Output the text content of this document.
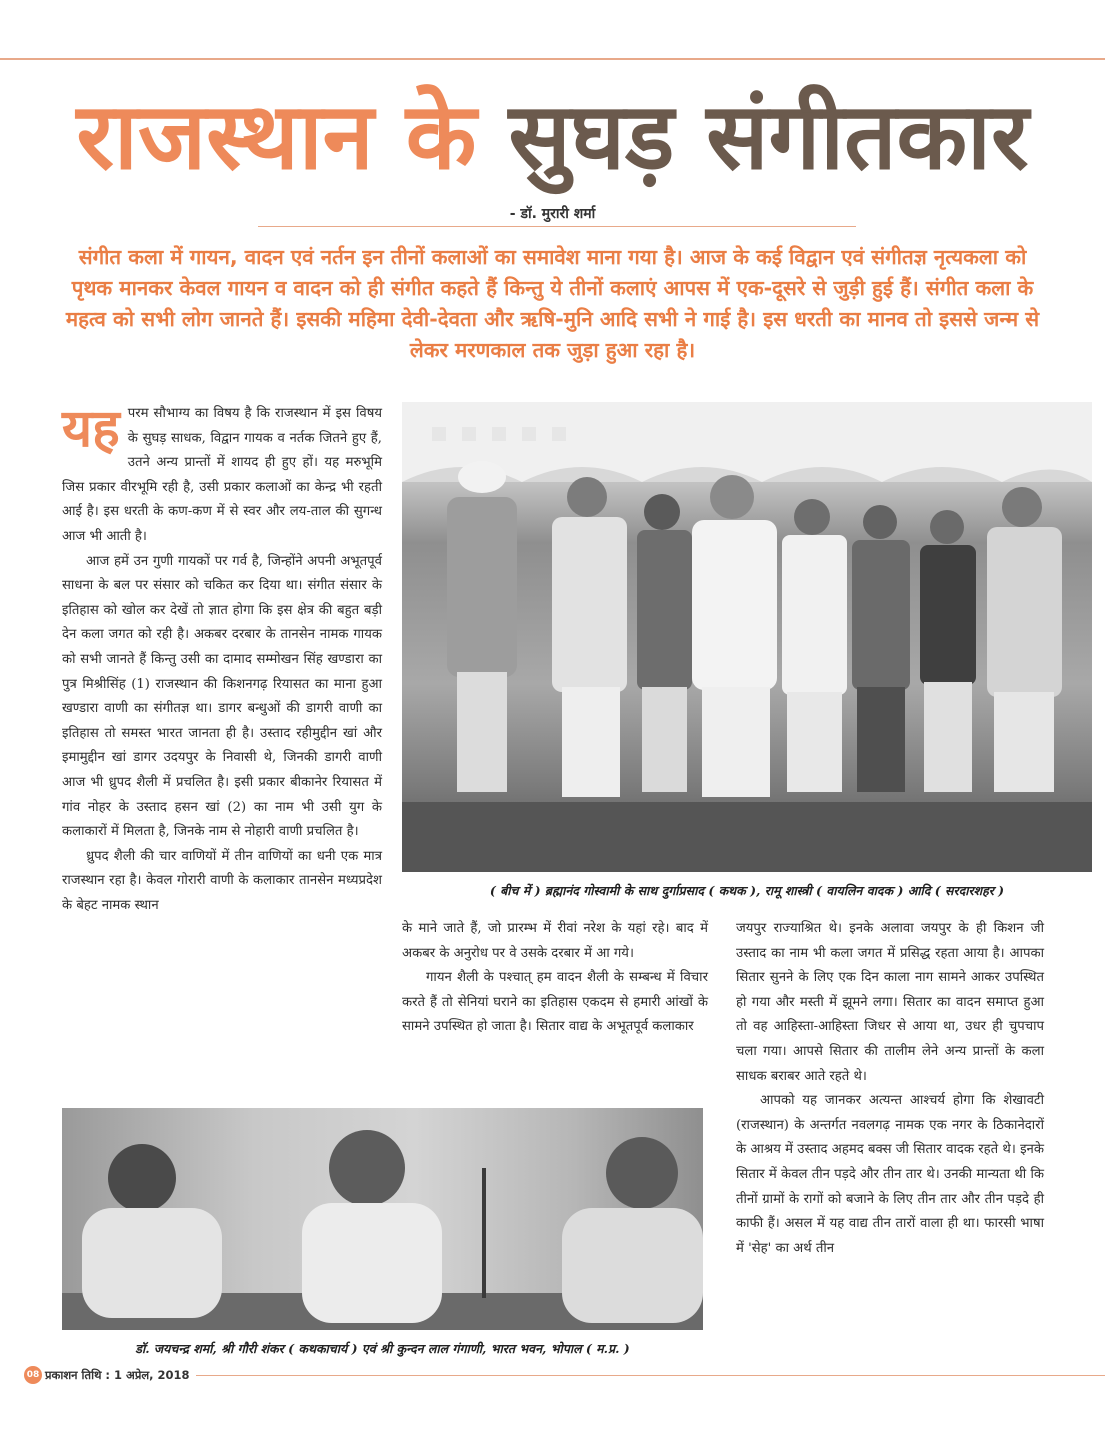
राजस्थान के सुघड़ संगीतकार
- डॉ. मुरारी शर्मा
संगीत कला में गायन, वादन एवं नर्तन इन तीनों कलाओं का समावेश माना गया है। आज के कई विद्वान एवं संगीतज्ञ नृत्यकला को पृथक मानकर केवल गायन व वादन को ही संगीत कहते हैं किन्तु ये तीनों कलाएं आपस में एक-दूसरे से जुड़ी हुई हैं। संगीत कला के महत्व को सभी लोग जानते हैं। इसकी महिमा देवी-देवता और ऋषि-मुनि आदि सभी ने गाई है। इस धरती का मानव तो इससे जन्म से लेकर मरणकाल तक जुड़ा हुआ रहा है।
यह परम सौभाग्य का विषय है कि राजस्थान में इस विषय के सुघड़ साधक, विद्वान गायक व नर्तक जितने हुए हैं, उतने अन्य प्रान्तों में शायद ही हुए हों। यह मरुभूमि जिस प्रकार वीरभूमि रही है, उसी प्रकार कलाओं का केन्द्र भी रहती आई है। इस धरती के कण-कण में से स्वर और लय-ताल की सुगन्ध आज भी आती है।

आज हमें उन गुणी गायकों पर गर्व है, जिन्होंने अपनी अभूतपूर्व साधना के बल पर संसार को चकित कर दिया था। संगीत संसार के इतिहास को खोल कर देखें तो ज्ञात होगा कि इस क्षेत्र की बहुत बड़ी देन कला जगत को रही है। अकबर दरबार के तानसेन नामक गायक को सभी जानते हैं किन्तु उसी का दामाद सम्मोखन सिंह खण्डारा का पुत्र मिश्रीसिंह (1) राजस्थान की किशनगढ़ रियासत का माना हुआ खण्डारा वाणी का संगीतज्ञ था। डागर बन्धुओं की डागरी वाणी का इतिहास तो समस्त भारत जानता ही है। उस्ताद रहीमुद्दीन खां और इमामुद्दीन खां डागर उदयपुर के निवासी थे, जिनकी डागरी वाणी आज भी ध्रुपद शैली में प्रचलित है। इसी प्रकार बीकानेर रियासत में गांव नोहर के उस्ताद हसन खां (2) का नाम भी उसी युग के कलाकारों में मिलता है, जिनके नाम से नोहारी वाणी प्रचलित है।

ध्रुपद शैली की चार वाणियों में तीन वाणियों का धनी एक मात्र राजस्थान रहा है। केवल गोरारी वाणी के कलाकार तानसेन मध्यप्रदेश के बेहट नामक स्थान

( बीच में ) ब्रह्मानंद गोस्वामी के साथ दुर्गाप्रसाद ( कथक ), रामू शास्त्री ( वायलिन वादक ) आदि ( सरदारशहर )

के माने जाते हैं, जो प्रारम्भ में रीवां नरेश के यहां रहे। बाद में अकबर के अनुरोध पर वे उसके दरबार में आ गये।

गायन शैली के पश्चात् हम वादन शैली के सम्बन्ध में विचार करते हैं तो सेनियां घराने का इतिहास एकदम से हमारी आंखों के सामने उपस्थित हो जाता है। सितार वाद्य के अभूतपूर्व कलाकार

जयपुर राज्याश्रित थे। इनके अलावा जयपुर के ही किशन जी उस्ताद का नाम भी कला जगत में प्रसिद्ध रहता आया है। आपका सितार सुनने के लिए एक दिन काला नाग सामने आकर उपस्थित हो गया और मस्ती में झूमने लगा। सितार का वादन समाप्त हुआ तो वह आहिस्ता-आहिस्ता जिधर से आया था, उधर ही चुपचाप चला गया। आपसे सितार की तालीम लेने अन्य प्रान्तों के कला साधक बराबर आते रहते थे।

आपको यह जानकर अत्यन्त आश्चर्य होगा कि शेखावटी (राजस्थान) के अन्तर्गत नवलगढ़ नामक एक नगर के ठिकानेदारों के आश्रय में उस्ताद अहमद बक्स जी सितार वादक रहते थे। इनके सितार में केवल तीन पड़दे और तीन तार थे। उनकी मान्यता थी कि तीनों ग्रामों के रागों को बजाने के लिए तीन तार और तीन पड़दे ही काफी हैं। असल में यह वाद्य तीन तारों वाला ही था। फारसी भाषा में 'सेह' का अर्थ तीन

डॉ. जयचन्द्र शर्मा, श्री गौरी शंकर ( कथकाचार्य ) एवं श्री कुन्दन लाल गंगाणी, भारत भवन, भोपाल ( म.प्र. )
08 प्रकाशन तिथि : 1 अप्रेल, 2018
